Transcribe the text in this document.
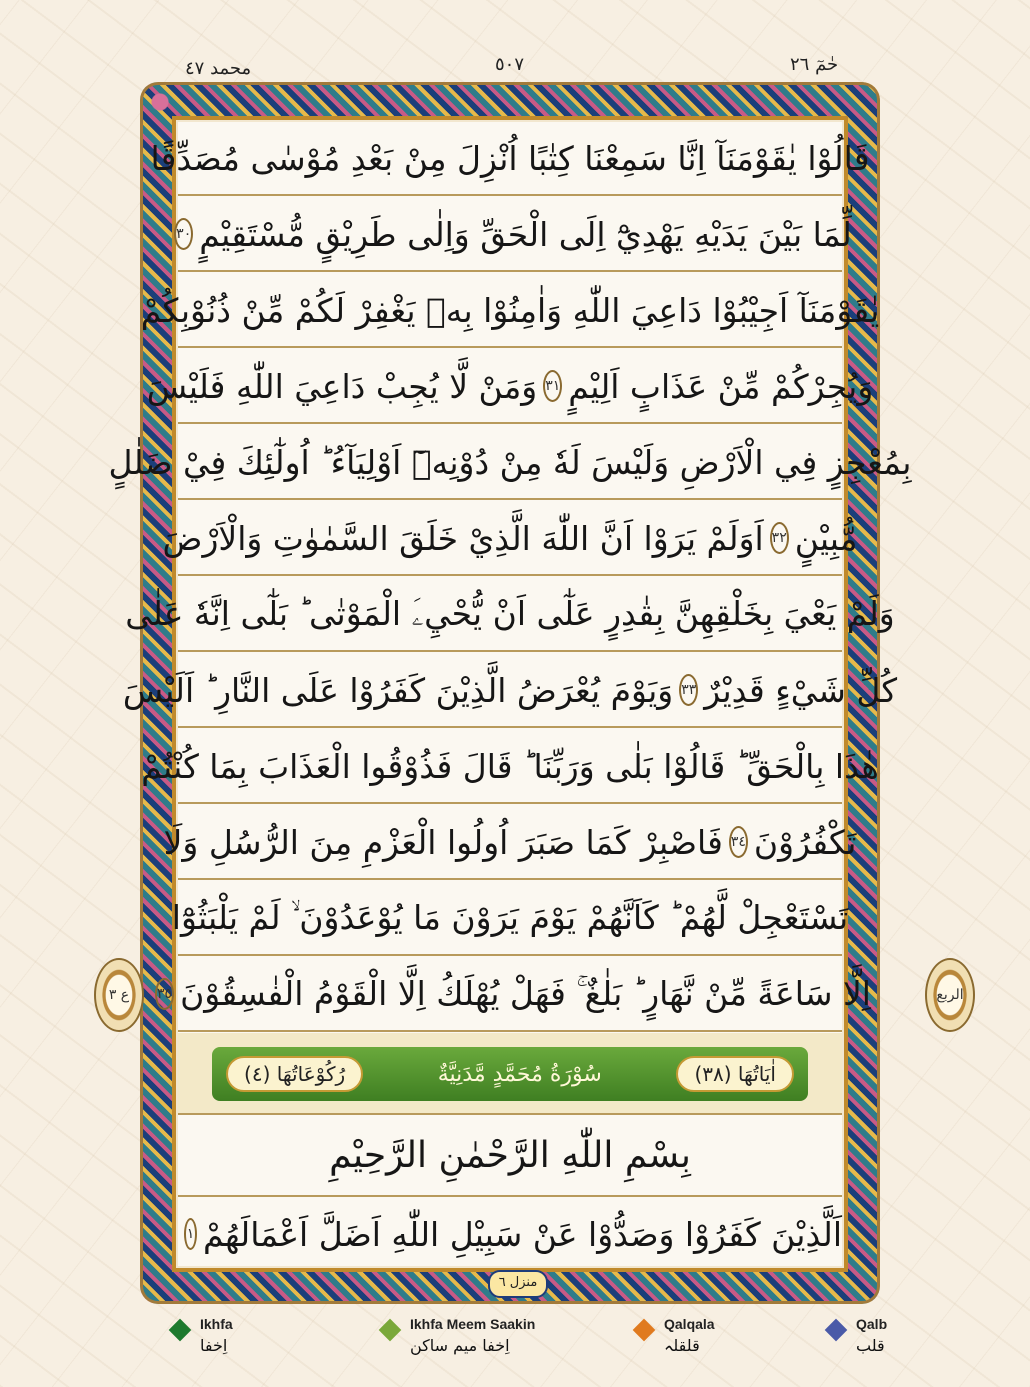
محمد ٤٧	٥٠٧	حٰمٓ ٢٦
ع ٣	الربع
قَالُوْا يٰقَوْمَنَآ اِنَّا سَمِعْنَا كِتٰبًا اُنْزِلَ مِنْ بَعْدِ مُوْسٰى مُصَدِّقًا
لِّمَا بَيْنَ يَدَيْهِ يَهْدِيْٓ اِلَى الْحَقِّ وَاِلٰى طَرِيْقٍ مُّسْتَقِيْمٍ
٣٠
يٰقَوْمَنَآ اَجِيْبُوْا دَاعِيَ اللّٰهِ وَاٰمِنُوْا بِهٖ يَغْفِرْ لَكُمْ مِّنْ ذُنُوْبِكُمْ
وَيُجِرْكُمْ مِّنْ عَذَابٍ اَلِيْمٍ
٣١
وَمَنْ لَّا يُجِبْ دَاعِيَ اللّٰهِ فَلَيْسَ
بِمُعْجِزٍ فِي الْاَرْضِ وَلَيْسَ لَهٗ مِنْ دُوْنِهٖٓ اَوْلِيَآءُ ؕ اُولٰٓئِكَ فِيْ ضَلٰلٍ
مُّبِيْنٍ
٣٢
اَوَلَمْ يَرَوْا اَنَّ اللّٰهَ الَّذِيْ خَلَقَ السَّمٰوٰتِ وَالْاَرْضَ
وَلَمْ يَعْيَ بِخَلْقِهِنَّ بِقٰدِرٍ عَلٰٓى اَنْ يُّحْيِۦَ الْمَوْتٰى ؕ بَلٰٓى اِنَّهٗ عَلٰى
كُلِّ شَيْءٍ قَدِيْرٌ
٣٣
وَيَوْمَ يُعْرَضُ الَّذِيْنَ كَفَرُوْا عَلَى النَّارِ ؕ اَلَيْسَ
هٰذَا بِالْحَقِّ ؕ قَالُوْا بَلٰى وَرَبِّنَا ؕ قَالَ فَذُوْقُوا الْعَذَابَ بِمَا كُنْتُمْ
تَكْفُرُوْنَ
٣٤
فَاصْبِرْ كَمَا صَبَرَ اُولُوا الْعَزْمِ مِنَ الرُّسُلِ وَلَا
تَسْتَعْجِلْ لَّهُمْ ؕ كَاَنَّهُمْ يَوْمَ يَرَوْنَ مَا يُوْعَدُوْنَ ۙ لَمْ يَلْبَثُوْٓا
اِلَّا سَاعَةً مِّنْ نَّهَارٍ ؕ بَلٰغٌ ۚ فَهَلْ يُهْلَكُ اِلَّا الْقَوْمُ الْفٰسِقُوْنَ
٣٥
اٰيَاتُهَا (٣٨)
سُوْرَةُ مُحَمَّدٍ مَّدَنِيَّةٌ
رُكُوْعَاتُهَا (٤)
بِسْمِ اللّٰهِ الرَّحْمٰنِ الرَّحِيْمِ
اَلَّذِيْنَ كَفَرُوْا وَصَدُّوْا عَنْ سَبِيْلِ اللّٰهِ اَضَلَّ اَعْمَالَهُمْ
١
منزل ٦
Ikhfa
اِخفا
Ikhfa Meem Saakin
اِخفا میم ساکن
Qalqala
قلقلہ
Qalb
قلب
